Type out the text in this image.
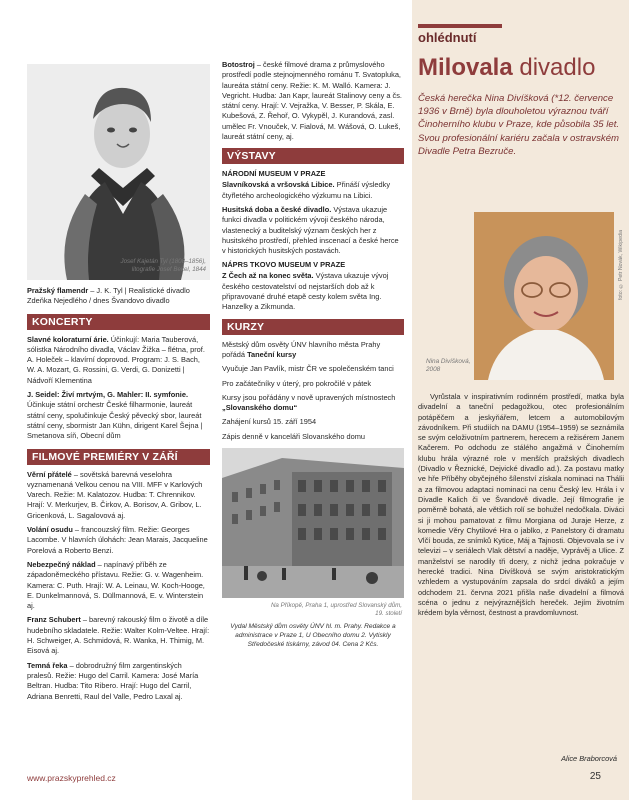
Josef Kajetán Tyl (1808–1856),
litografie Josef Bekel, 1844
Pražský flamendr – J. K. Tyl | Realistické divadlo Zdeňka Nejedlého / dnes Švandovo divadlo
KONCERTY
Slavné koloraturní árie. Účinkují: Maria Tauberová, sólistka Národního divadla, Václav Žižka – flétna, prof. A. Holeček – klavírní doprovod. Program: J. S. Bach, W. A. Mozart, G. Rossini, G. Verdi, G. Donizetti | Nádvoří Klementina
J. Seidel: Živí mrtvým, G. Mahler: II. symfonie. Účinkuje státní orchestr České filharmonie, laureát státní ceny, spolučinkuje Český pěvecký sbor, laureát státní ceny, sbormistr Jan Kühn, dirigent Karel Šejna | Smetanova síň, Obecní dům
FILMOVÉ PREMIÉRY V ZÁŘÍ
Věrní přátelé – sovětská barevná veselohra vyznamenaná Velkou cenou na VIII. MFF v Karlových Varech. Režie: M. Kalatozov. Hudba: T. Chrennikov. Hrají: V. Merkurjev, B. Čirkov, A. Borisov, A. Gribov, L. Gricenková, L. Sagalovová aj.
Volání osudu – francouzský film. Režie: Georges Lacombe. V hlavních úlohách: Jean Marais, Jacqueline Porelová a Roberto Benzi.
Nebezpečný náklad – napínavý příběh ze západoněmeckého přístavu. Režie: G. v. Wagenheim. Kamera: C. Puth. Hrají: W. A. Leinau, W. Koch-Hooge, E. Dunkelmannová, S. Düllmannová, E. v. Winterstein aj.
Franz Schubert – barevný rakouský film o životě a díle hudebního skladatele. Režie: Walter Kolm-Veltee. Hrají: H. Schweiger, A. Schmidová, R. Wanka, H. Thimig, M. Eisová aj.
Temná řeka – dobrodružný film zargentinských pralesů. Režie: Hugo del Carril. Kamera: José María Beltran. Hudba: Tito Ribero. Hrají: Hugo del Carril, Adriana Benretti, Raul del Valle, Pedro Laxal aj.
Botostroj – české filmové drama z průmyslového prostředí podle stejnojmenného románu T. Svatopluka, laureáta státní ceny. Režie: K. M. Walló. Kamera: J. Vegricht. Hudba: Jan Kapr, laureát Stalinovy ceny a čs. státní ceny. Hrají: V. Vejražka, V. Besser, P. Skála, E. Kubešová, Z. Řehoř, O. Vykypěl, J. Kurandová, zasl. umělec Fr. Vnouček, V. Fialová, M. Wášová, O. Lukeš, laureát státní ceny, aj.
VÝSTAVY
NÁRODNÍ MUSEUM V PRAZE
Slavníkovská a vršovská Libice. Přináší výsledky čtyřletého archeologického výzkumu na Libici.
Husitská doba a české divadlo. Výstava ukazuje funkci divadla v politickém vývoji českého národa, vlastenecký a buditelský význam českých her z husitského prostředí, přehled inscenací a české herce v historických husitských postavách.
NÁPRS TKOVO MUSEUM V PRAZE
Z Čech až na konec světa. Výstava ukazuje vývoj českého cestovatelství od nejstarších dob až k připravované druhé etapě cesty kolem světa Ing. Hanzelky a Zikmunda.
KURZY
Městský dům osvěty ÚNV hlavního města Prahy pořádá Taneční kursy
Vyučuje Jan Pavlík, mistr ČR ve společenském tanci
Pro začátečníky v úterý, pro pokročilé v pátek
Kursy jsou pořádány v nově upravených místnostech „Slovanského domu“
Zahájení kursů 15. září 1954
Zápis denně v kanceláři Slovanského domu
Na Příkopě, Praha 1, uprostřed Slovanský dům,
19. století
Vydal Městský dům osvěty ÚNV hl. m. Prahy. Redakce a administrace v Praze 1, U Obecního domu 2. Vytiskly Středočeské tiskárny, závod 04. Cena 2 Kčs.
ohlédnutí
Milovala divadlo
Česká herečka Nina Divíšková (*12. července 1936 v Brně) byla dlouholetou výraznou tváří Činoherního klubu v Praze, kde působila 35 let. Svou profesionální kariéru začala v ostravském Divadle Petra Bezruče.
Nina Divíšková,
2008
foto: © Petr Novák, Wikipedia
Vyrůstala v inspirativním rodinném prostředí, matka byla divadelní a taneční pedagožkou, otec profesionálním potápěčem a jeskyňářem, letcem a automobilovým závodníkem. Při studiích na DAMU (1954–1959) se seznámila se svým celoživotním partnerem, herecem a režisérem Janem Kačerem. Po odchodu ze stálého angažmá v Činoherním klubu hrála výrazné role v menších pražských divadlech (Divadlo v Řeznické, Dejvické divadlo ad.). Za postavu matky ve hře Příběhy obyčejného šílenství získala nominaci na Thálii a za filmovou adaptaci nominaci na cenu Český lev. Hrála i v Divadle Kalich či ve Švandově divadle. Její filmografie je poměrně bohatá, ale většich rolí se bohužel nedočkala. Diváci si ji mohou pamatovat z filmu Morgiana od Juraje Herze, z komedie Věry Chytilové Hra o jablko, z Panelstory či dramatu Vlčí bouda, ze snímků Kytice, Máj a Tajnosti. Objevovala se i v televizi – v seriálech Vlak dětství a naděje, Vyprávěj a Ulice. Z manželství se narodily tři dcery, z nichž jedna pokračuje v herecké tradici. Nina Divíšková se svým aristokratickým vzhledem a vystupováním zapsala do srdcí diváků a jejím odchodem 21. června 2021 přišla naše divadelní a filmová scéna o jednu z nejvýraznějších hereček. Jejím životním krédem byla věrnost, čestnost a pravdomluvnost.
Alice Braborcová
www.prazskyprehled.cz	25
